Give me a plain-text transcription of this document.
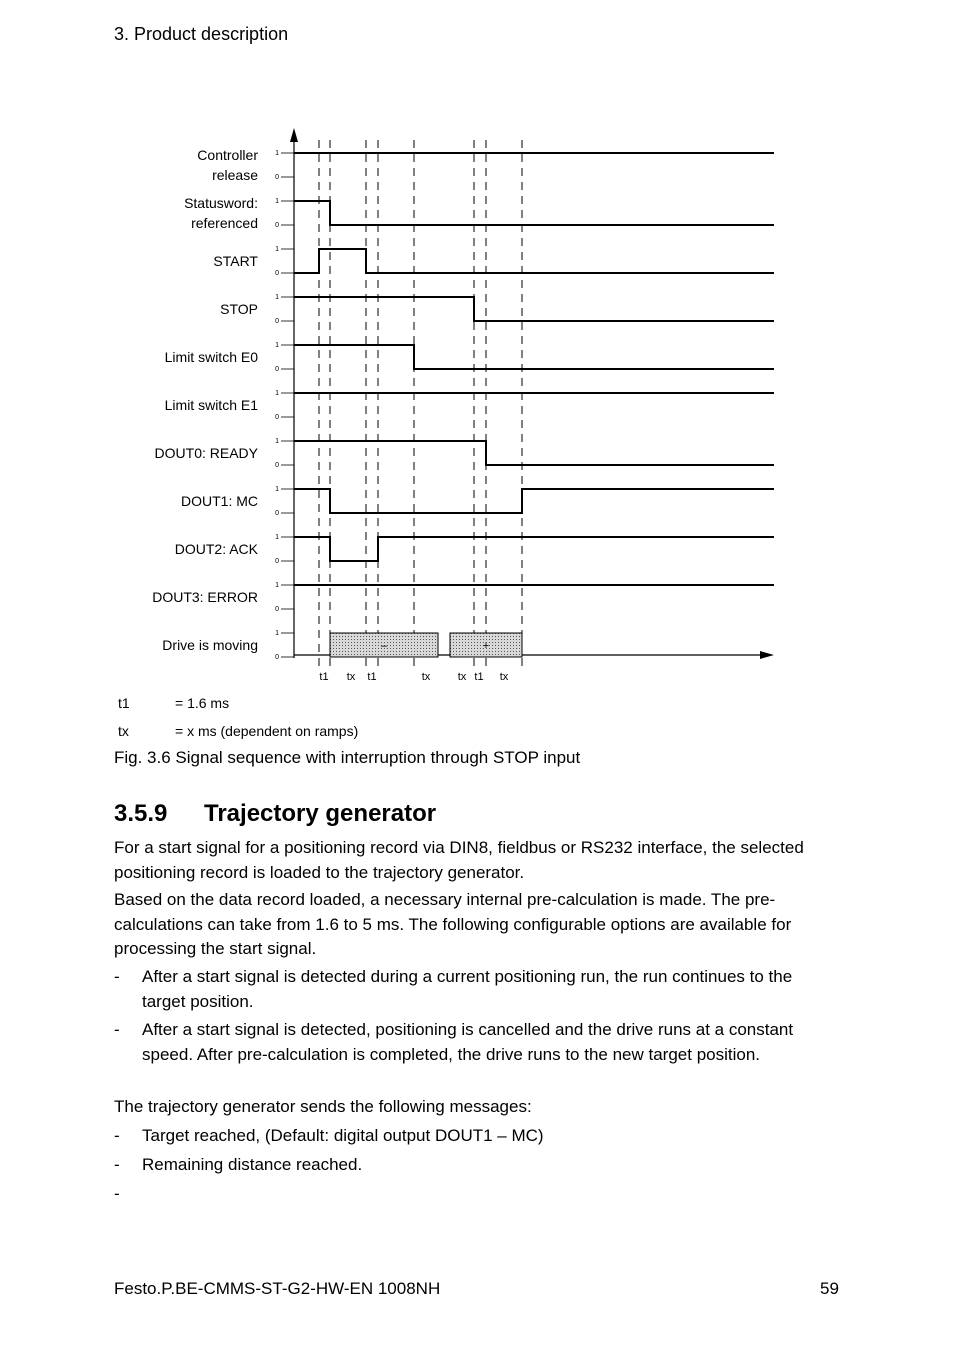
3. Product description
Controller
release
1
0
Statusword:
referenced
1
0
START
1
0
STOP
1
0
Limit switch E0
1
0
Limit switch E1
1
0
DOUT0: READY
1
0
DOUT1: MC
1
0
DOUT2: ACK
1
0
DOUT3: ERROR
1
0
Drive is moving
1
0
–	+
t1 tx t1	tx tx t1 tx
t1	= 1.6 ms
tx	= x ms (dependent on ramps)
Fig. 3.6 Signal sequence with interruption through STOP input
3.5.9 Trajectory generator

For a start signal for a positioning record via DIN8, fieldbus or RS232 interface, the selected positioning record is loaded to the trajectory generator.

Based on the data record loaded, a necessary internal pre-calculation is made. The pre-calculations can take from 1.6 to 5 ms. The following configurable options are available for processing the start signal.

- After a start signal is detected during a current positioning run, the run continues to the target position.
- After a start signal is detected, positioning is cancelled and the drive runs at a constant speed. After pre-calculation is completed, the drive runs to the new target position.

The trajectory generator sends the following messages:

- Target reached, (Default: digital output DOUT1 – MC)
- Remaining distance reached.
-
Festo.P.BE-CMMS-ST-G2-HW-EN 1008NH	59
